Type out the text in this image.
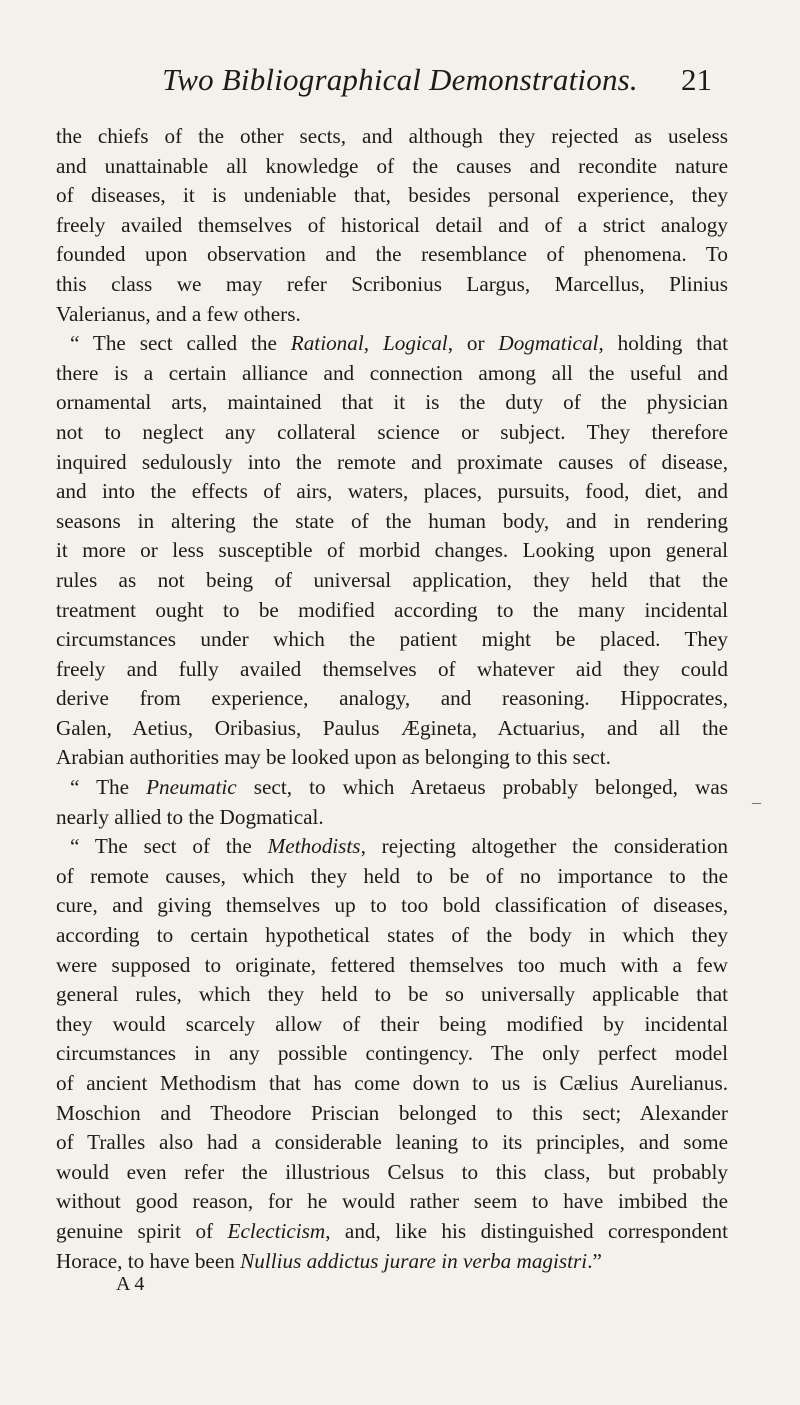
Two Bibliographical Demonstrations.	21
the chiefs of the other sects, and although they rejected as useless
and unattainable all knowledge of the causes and recondite nature
of diseases, it is undeniable that, besides personal experience, they
freely availed themselves of historical detail and of a strict analogy
founded upon observation and the resemblance of phenomena. To
this class we may refer Scribonius Largus, Marcellus, Plinius
Valerianus, and a few others.
“ The sect called the Rational, Logical, or Dogmatical, holding that
there is a certain alliance and connection among all the useful and
ornamental arts, maintained that it is the duty of the physician
not to neglect any collateral science or subject. They therefore
inquired sedulously into the remote and proximate causes of disease,
and into the effects of airs, waters, places, pursuits, food, diet, and
seasons in altering the state of the human body, and in rendering
it more or less susceptible of morbid changes. Looking upon general
rules as not being of universal application, they held that the
treatment ought to be modified according to the many incidental
circumstances under which the patient might be placed. They
freely and fully availed themselves of whatever aid they could
derive from experience, analogy, and reasoning. Hippocrates,
Galen, Aetius, Oribasius, Paulus Ægineta, Actuarius, and all the
Arabian authorities may be looked upon as belonging to this sect.
“ The Pneumatic sect, to which Aretaeus probably belonged, was
nearly allied to the Dogmatical.
“ The sect of the Methodists, rejecting altogether the consideration
of remote causes, which they held to be of no importance to the
cure, and giving themselves up to too bold classification of diseases,
according to certain hypothetical states of the body in which they
were supposed to originate, fettered themselves too much with a few
general rules, which they held to be so universally applicable that
they would scarcely allow of their being modified by incidental
circumstances in any possible contingency. The only perfect model
of ancient Methodism that has come down to us is Cælius Aurelianus.
Moschion and Theodore Priscian belonged to this sect; Alexander
of Tralles also had a considerable leaning to its principles, and some
would even refer the illustrious Celsus to this class, but probably
without good reason, for he would rather seem to have imbibed the
genuine spirit of Eclecticism, and, like his distinguished correspondent
Horace, to have been Nullius addictus jurare in verba magistri.”
–
A 4
